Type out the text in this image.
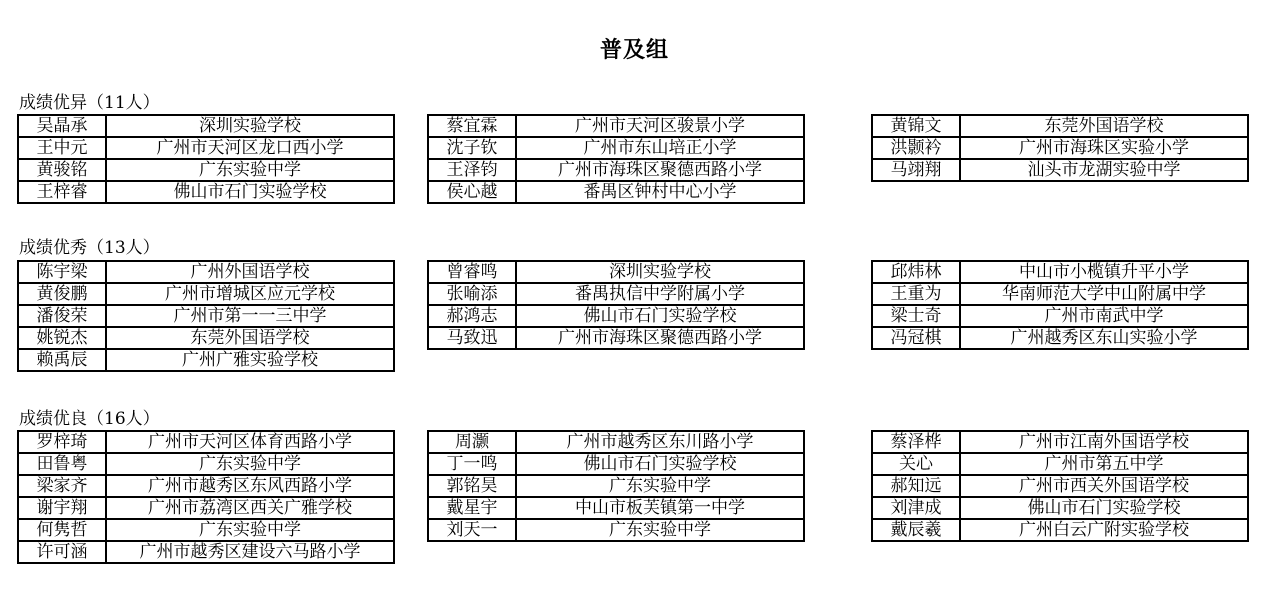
普及组
成绩优异（11人）
成绩优秀（13人）
成绩优良（16人）
吴晶承	深圳实验学校
王中元	广州市天河区龙口西小学
黄骏铭	广东实验中学
王梓睿	佛山市石门实验学校
蔡宜霖	广州市天河区骏景小学
沈子钦	广州市东山培正小学
王泽钧	广州市海珠区聚德西路小学
侯心越	番禺区钟村中心小学
黄锦文	东莞外国语学校
洪颢衿	广州市海珠区实验小学
马翊翔	汕头市龙湖实验中学
陈宇梁	广州外国语学校
黄俊鹏	广州市增城区应元学校
潘俊荣	广州市第一一三中学
姚锐杰	东莞外国语学校
赖禹辰	广州广雅实验学校
曾睿鸣	深圳实验学校
张喻添	番禺执信中学附属小学
郝鸿志	佛山市石门实验学校
马致迅	广州市海珠区聚德西路小学
邱炜林	中山市小榄镇升平小学
王重为	华南师范大学中山附属中学
梁士奇	广州市南武中学
冯冠棋	广州越秀区东山实验小学
罗梓琦	广州市天河区体育西路小学
田鲁粤	广东实验中学
梁家齐	广州市越秀区东风西路小学
谢宇翔	广州市荔湾区西关广雅学校
何隽哲	广东实验中学
许可涵	广州市越秀区建设六马路小学
周灏	广州市越秀区东川路小学
丁一鸣	佛山市石门实验学校
郭铭昊	广东实验中学
戴星宇	中山市板芙镇第一中学
刘天一	广东实验中学
蔡泽桦	广州市江南外国语学校
关心	广州市第五中学
郝知远	广州市西关外国语学校
刘津成	佛山市石门实验学校
戴辰羲	广州白云广附实验学校
